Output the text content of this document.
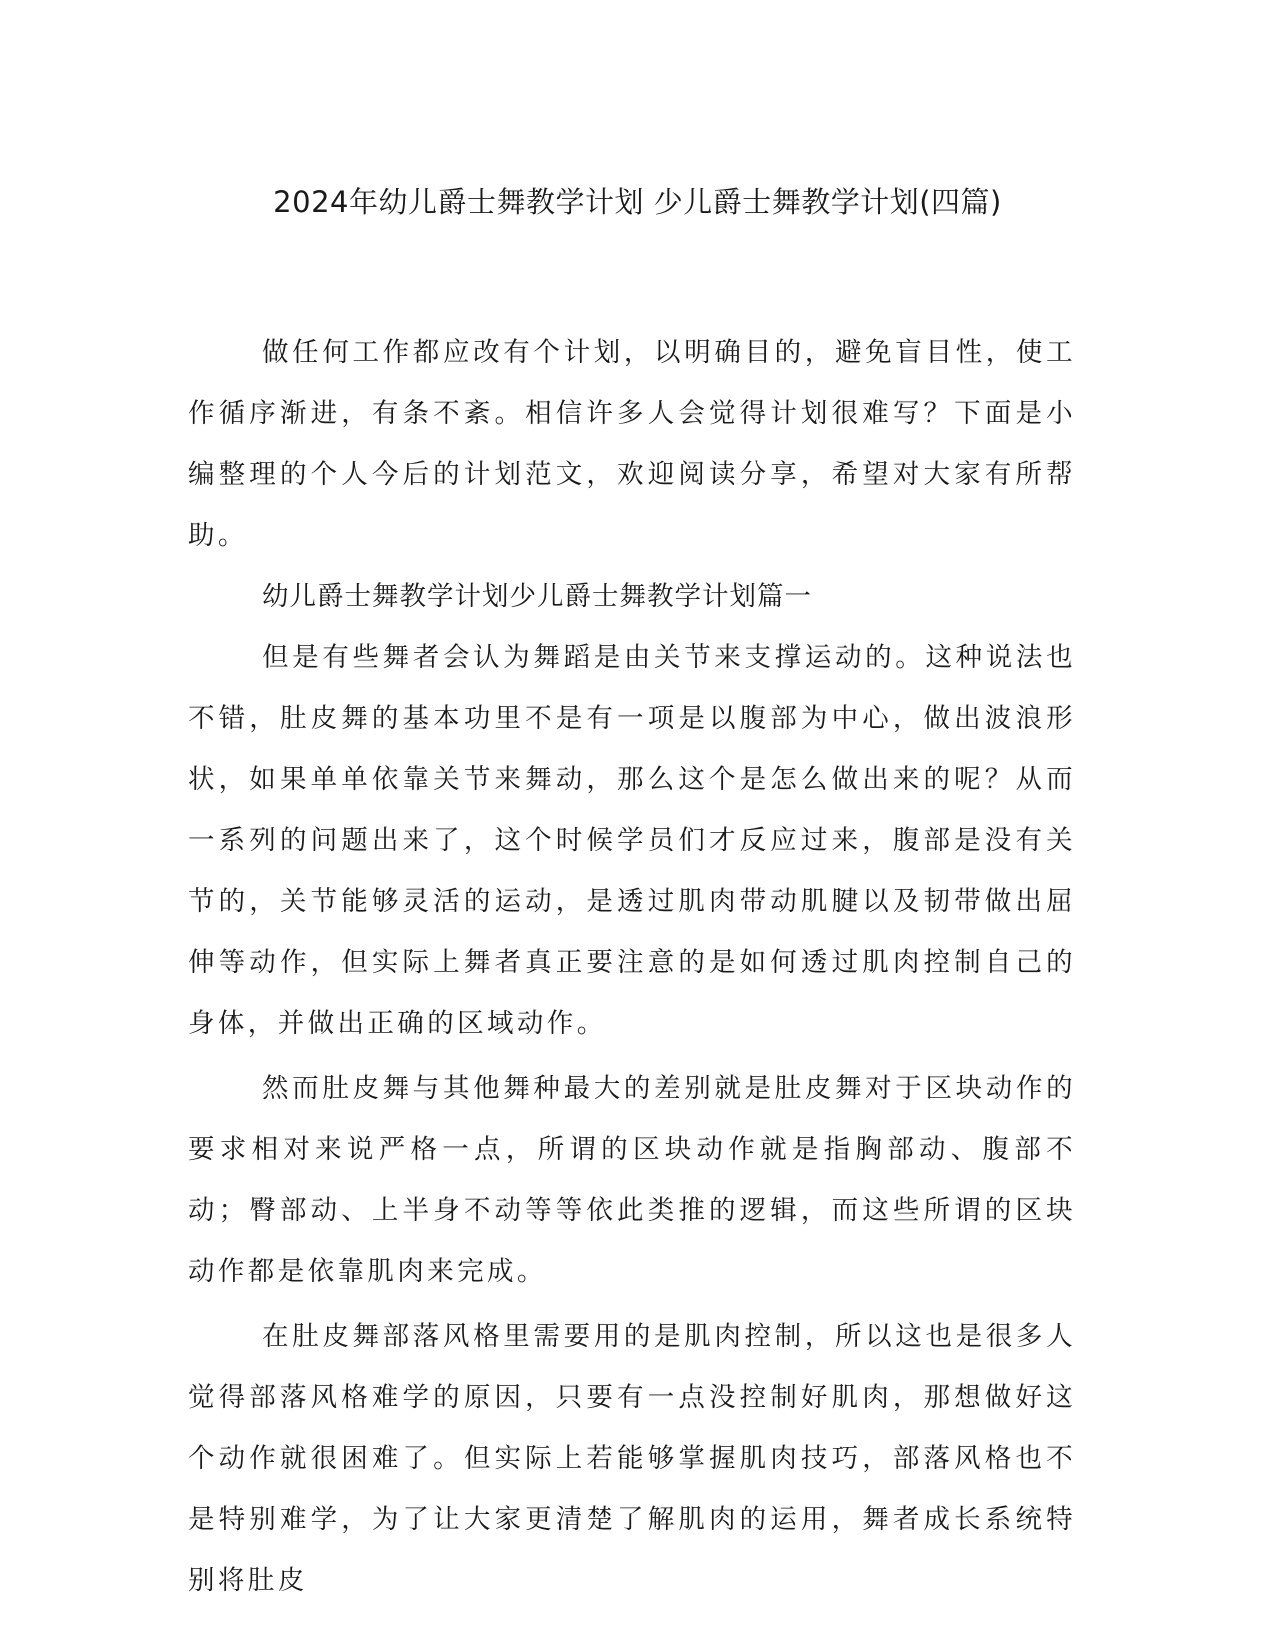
2024年幼儿爵士舞教学计划 少儿爵士舞教学计划(四篇)

做任何工作都应改有个计划，以明确目的，避免盲目性，使工作循序渐进，有条不紊。相信许多人会觉得计划很难写？下面是小编整理的个人今后的计划范文，欢迎阅读分享，希望对大家有所帮助。

幼儿爵士舞教学计划少儿爵士舞教学计划篇一

但是有些舞者会认为舞蹈是由关节来支撑运动的。这种说法也不错，肚皮舞的基本功里不是有一项是以腹部为中心，做出波浪形状，如果单单依靠关节来舞动，那么这个是怎么做出来的呢？从而一系列的问题出来了，这个时候学员们才反应过来，腹部是没有关节的，关节能够灵活的运动，是透过肌肉带动肌腱以及韧带做出屈伸等动作，但实际上舞者真正要注意的是如何透过肌肉控制自己的身体，并做出正确的区域动作。

然而肚皮舞与其他舞种最大的差别就是肚皮舞对于区块动作的要求相对来说严格一点，所谓的区块动作就是指胸部动、腹部不动；臀部动、上半身不动等等依此类推的逻辑，而这些所谓的区块动作都是依靠肌肉来完成。

在肚皮舞部落风格里需要用的是肌肉控制，所以这也是很多人觉得部落风格难学的原因，只要有一点没控制好肌肉，那想做好这个动作就很困难了。但实际上若能够掌握肌肉技巧，部落风格也不是特别难学，为了让大家更清楚了解肌肉的运用，舞者成长系统特别将肚皮
